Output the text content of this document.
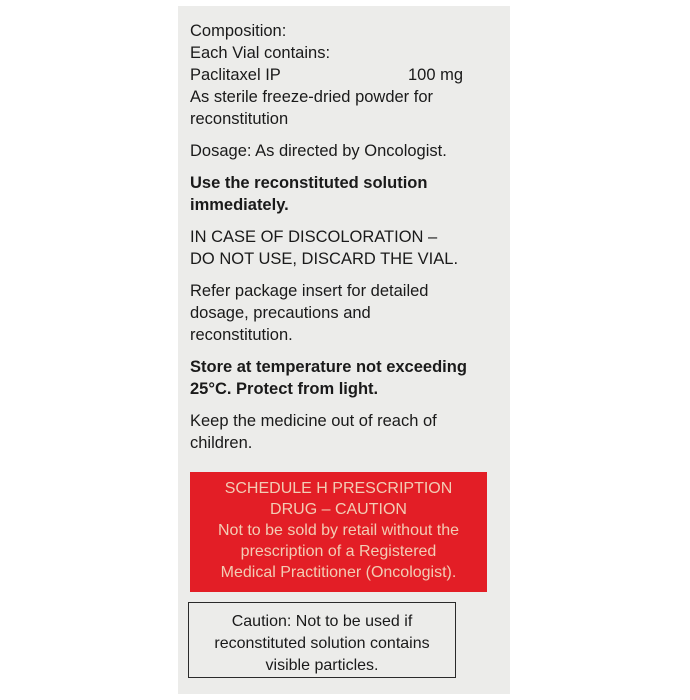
Composition:
Each Vial contains:
Paclitaxel IP	100 mg
As sterile freeze-dried powder for
reconstitution
Dosage: As directed by Oncologist.
Use the reconstituted solution
immediately.
IN CASE OF DISCOLORATION –
DO NOT USE, DISCARD THE VIAL.
Refer package insert for detailed
dosage, precautions and
reconstitution.
Store at temperature not exceeding
25°C. Protect from light.
Keep the medicine out of reach of
children.
SCHEDULE H PRESCRIPTION
DRUG – CAUTION
Not to be sold by retail without the
prescription of a Registered
Medical Practitioner (Oncologist).
Caution: Not to be used if
reconstituted solution contains
visible particles.
